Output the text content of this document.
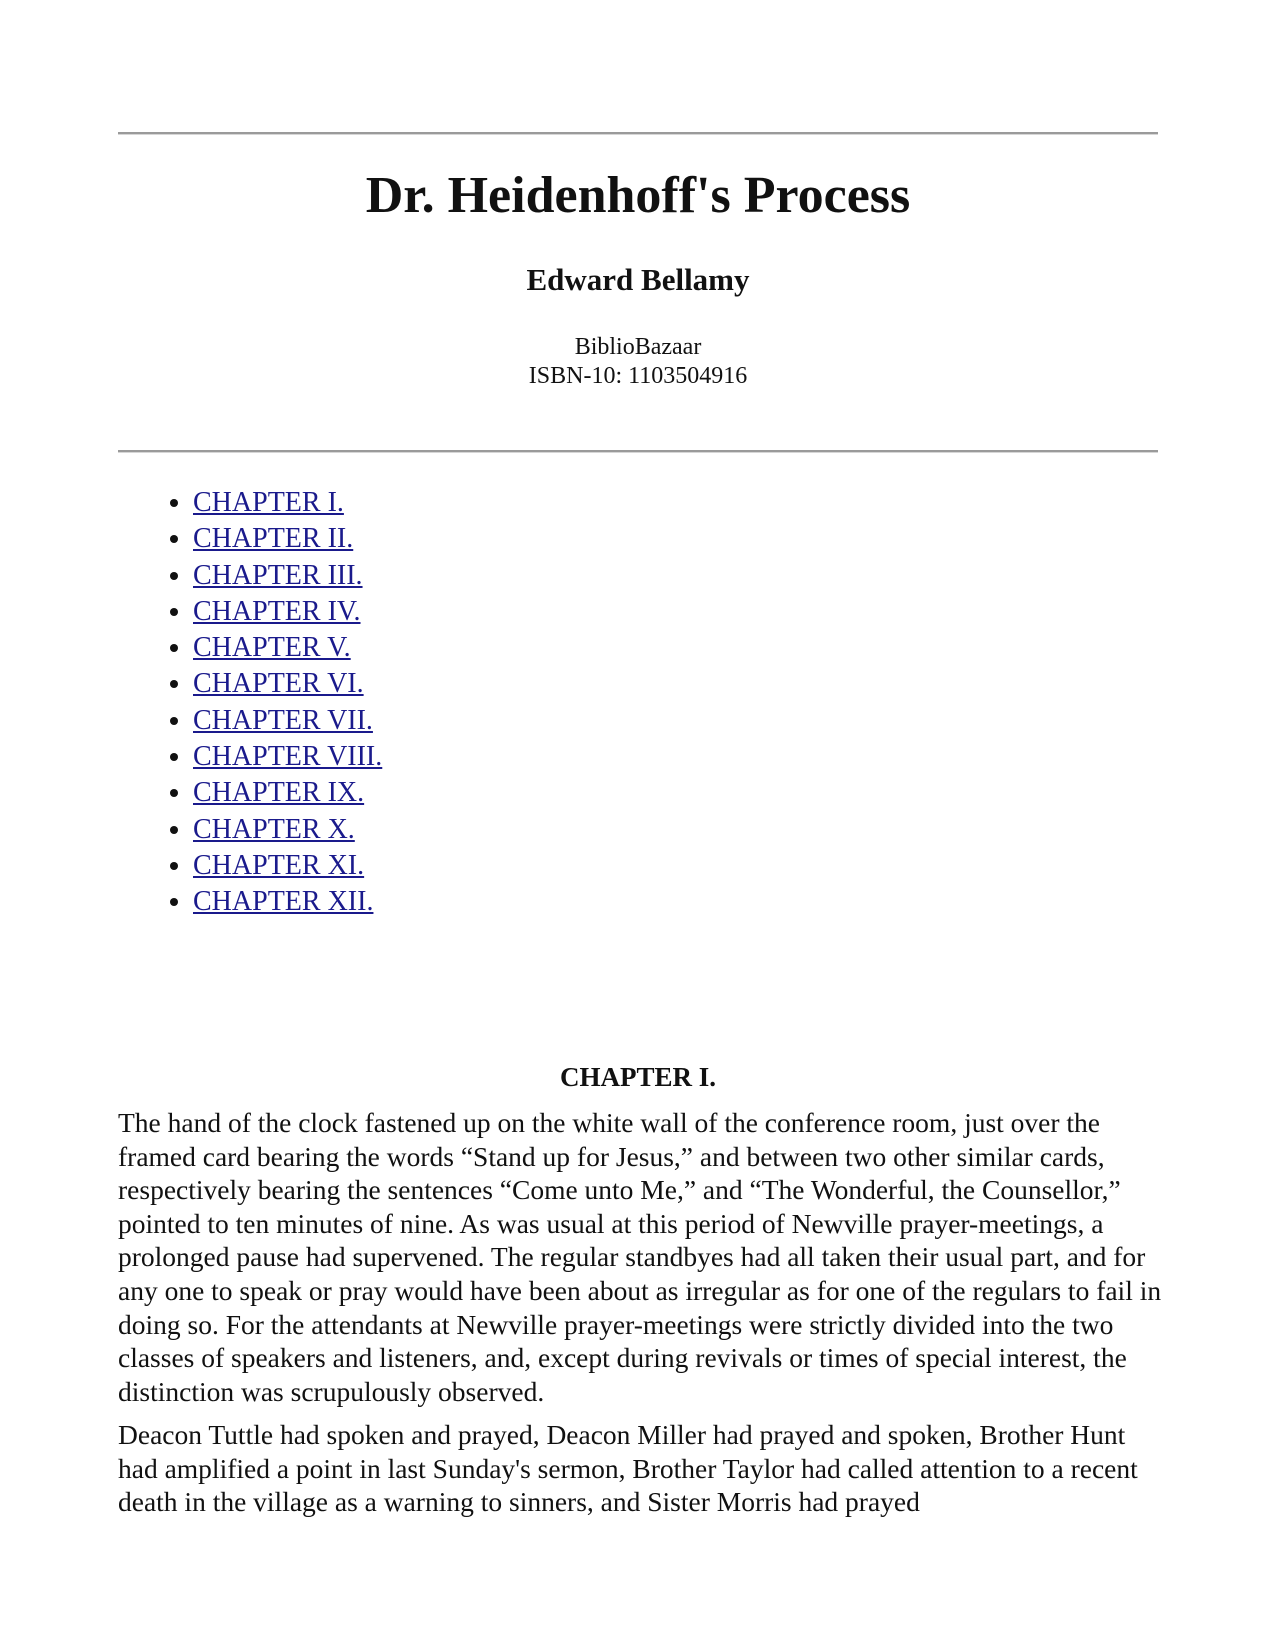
Dr. Heidenhoff's Process
Edward Bellamy

BiblioBazaar

ISBN-10: 1103504916

• CHAPTER I.
• CHAPTER II.
• CHAPTER III.
• CHAPTER IV.
• CHAPTER V.
• CHAPTER VI.
• CHAPTER VII.
• CHAPTER VIII.
• CHAPTER IX.
• CHAPTER X.
• CHAPTER XI.
• CHAPTER XII.
CHAPTER I.

The hand of the clock fastened up on the white wall of the conference room, just over the framed card bearing the words “Stand up for Jesus,” and between two other similar cards, respectively bearing the sentences “Come unto Me,” and “The Wonderful, the Counsellor,” pointed to ten minutes of nine. As was usual at this period of Newville prayer-meetings, a prolonged pause had supervened. The regular standbyes had all taken their usual part, and for any one to speak or pray would have been about as irregular as for one of the regulars to fail in doing so. For the attendants at Newville prayer-meetings were strictly divided into the two classes of speakers and listeners, and, except during revivals or times of special interest, the distinction was scrupulously observed.

Deacon Tuttle had spoken and prayed, Deacon Miller had prayed and spoken, Brother Hunt had amplified a point in last Sunday's sermon, Brother Taylor had called attention to a recent death in the village as a warning to sinners, and Sister Morris had prayed
